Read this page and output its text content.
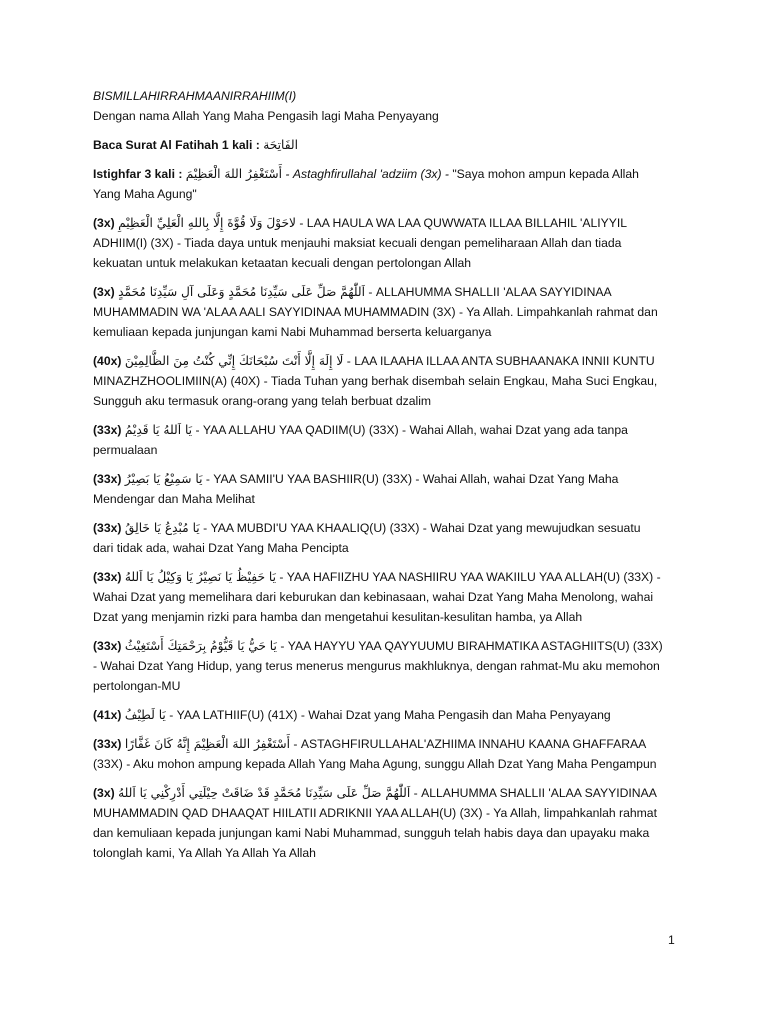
BISMILLAHIRRAHMAANIRRAHIIM(I)

Dengan nama Allah Yang Maha Pengasih lagi Maha Penyayang

Baca Surat Al Fatihah 1 kali : الفَاتِحَة

Istighfar 3 kali : أَسْتَغْفِرُ اللهَ الْعَظِيْمَ - Astaghfirullahal 'adziim (3x) - "Saya mohon ampun kepada Allah Yang Maha Agung"

(3x) لاحَوْلَ وَلَا قُوَّةَ إِلَّا بِاللهِ الْعَلِيِّ الْعَظِيْمِ - LAA HAULA WA LAA QUWWATA ILLAA BILLAHIL 'ALIYYIL ADHIIM(I) (3X) - Tiada daya untuk menjauhi maksiat kecuali dengan pemeliharaan Allah dan tiada kekuatan untuk melakukan ketaatan kecuali dengan pertolongan Allah

(3x) اَللّٰهُمَّ صَلِّ عَلَى سَيِّدِنَا مُحَمَّدٍ وَعَلَى آلِ سَيِّدِنَا مُحَمَّدٍ - ALLAHUMMA SHALLII 'ALAA SAYYIDINAA MUHAMMADIN WA 'ALAA AALI SAYYIDINAA MUHAMMADIN (3X) - Ya Allah. Limpahkanlah rahmat dan kemuliaan kepada junjungan kami Nabi Muhammad berserta keluarganya

(40x) لَا إِلَهَ إِلَّا أَنْتَ سُبْحَانَكَ إِنِّي كُنْتُ مِنَ الظَّالِمِيْنَ - LAA ILAAHA ILLAA ANTA SUBHAANAKA INNII KUNTU MINAZHZHOOLIMIIN(A) (40X) - Tiada Tuhan yang berhak disembah selain Engkau, Maha Suci Engkau, Sungguh aku termasuk orang-orang yang telah berbuat dzalim

(33x) يَا اَللهُ يَا قَدِيْمُ - YAA ALLAHU YAA QADIIM(U) (33X) - Wahai Allah, wahai Dzat yang ada tanpa permualaan

(33x) يَا سَمِيْعُ يَا بَصِيْرُ - YAA SAMII'U YAA BASHIIR(U) (33X) - Wahai Allah, wahai Dzat Yang Maha Mendengar dan Maha Melihat

(33x) يَا مُبْدِعُ يَا خَالِقُ - YAA MUBDI'U YAA KHAALIQ(U) (33X) - Wahai Dzat yang mewujudkan sesuatu dari tidak ada, wahai Dzat Yang Maha Pencipta

(33x) يَا حَفِيْظُ يَا نَصِيْرُ يَا وَكِيْلُ يَا اَللهُ - YAA HAFIIZHU YAA NASHIIRU YAA WAKIILU YAA ALLAH(U) (33X) - Wahai Dzat yang memelihara dari keburukan dan kebinasaan, wahai Dzat Yang Maha Menolong, wahai Dzat yang menjamin rizki para hamba dan mengetahui kesulitan-kesulitan hamba, ya Allah

(33x) يَا حَيُّ يَا قَيُّوْمُ بِرَحْمَتِكَ أَسْتَغِيْثُ - YAA HAYYU YAA QAYYUUMU BIRAHMATIKA ASTAGHIITS(U) (33X) - Wahai Dzat Yang Hidup, yang terus menerus mengurus makhluknya, dengan rahmat-Mu aku memohon pertolongan-MU

(41x) يَا لَطِيْفُ - YAA LATHIIF(U) (41X) - Wahai Dzat yang Maha Pengasih dan Maha Penyayang

(33x) أَسْتَغْفِرُ اللهَ الْعَظِيْمَ إِنَّهُ كَانَ غَفَّارًا - ASTAGHFIRULLAHAL'AZHIIMA INNAHU KAANA GHAFFARAA (33X) - Aku mohon ampung kepada Allah Yang Maha Agung, sunggu Allah Dzat Yang Maha Pengampun

(3x) اَللّٰهُمَّ صَلِّ عَلَى سَيِّدِنَا مُحَمَّدٍ قَدْ ضَاقَتْ حِيْلَتِي أَدْرِكْنِي يَا اَللهُ - ALLAHUMMA SHALLII 'ALAA SAYYIDINAA MUHAMMADIN QAD DHAAQAT HIILATII ADRIKNII YAA ALLAH(U) (3X) - Ya Allah, limpahkanlah rahmat dan kemuliaan kepada junjungan kami Nabi Muhammad, sungguh telah habis daya dan upayaku maka tolonglah kami, Ya Allah Ya Allah Ya Allah

1
